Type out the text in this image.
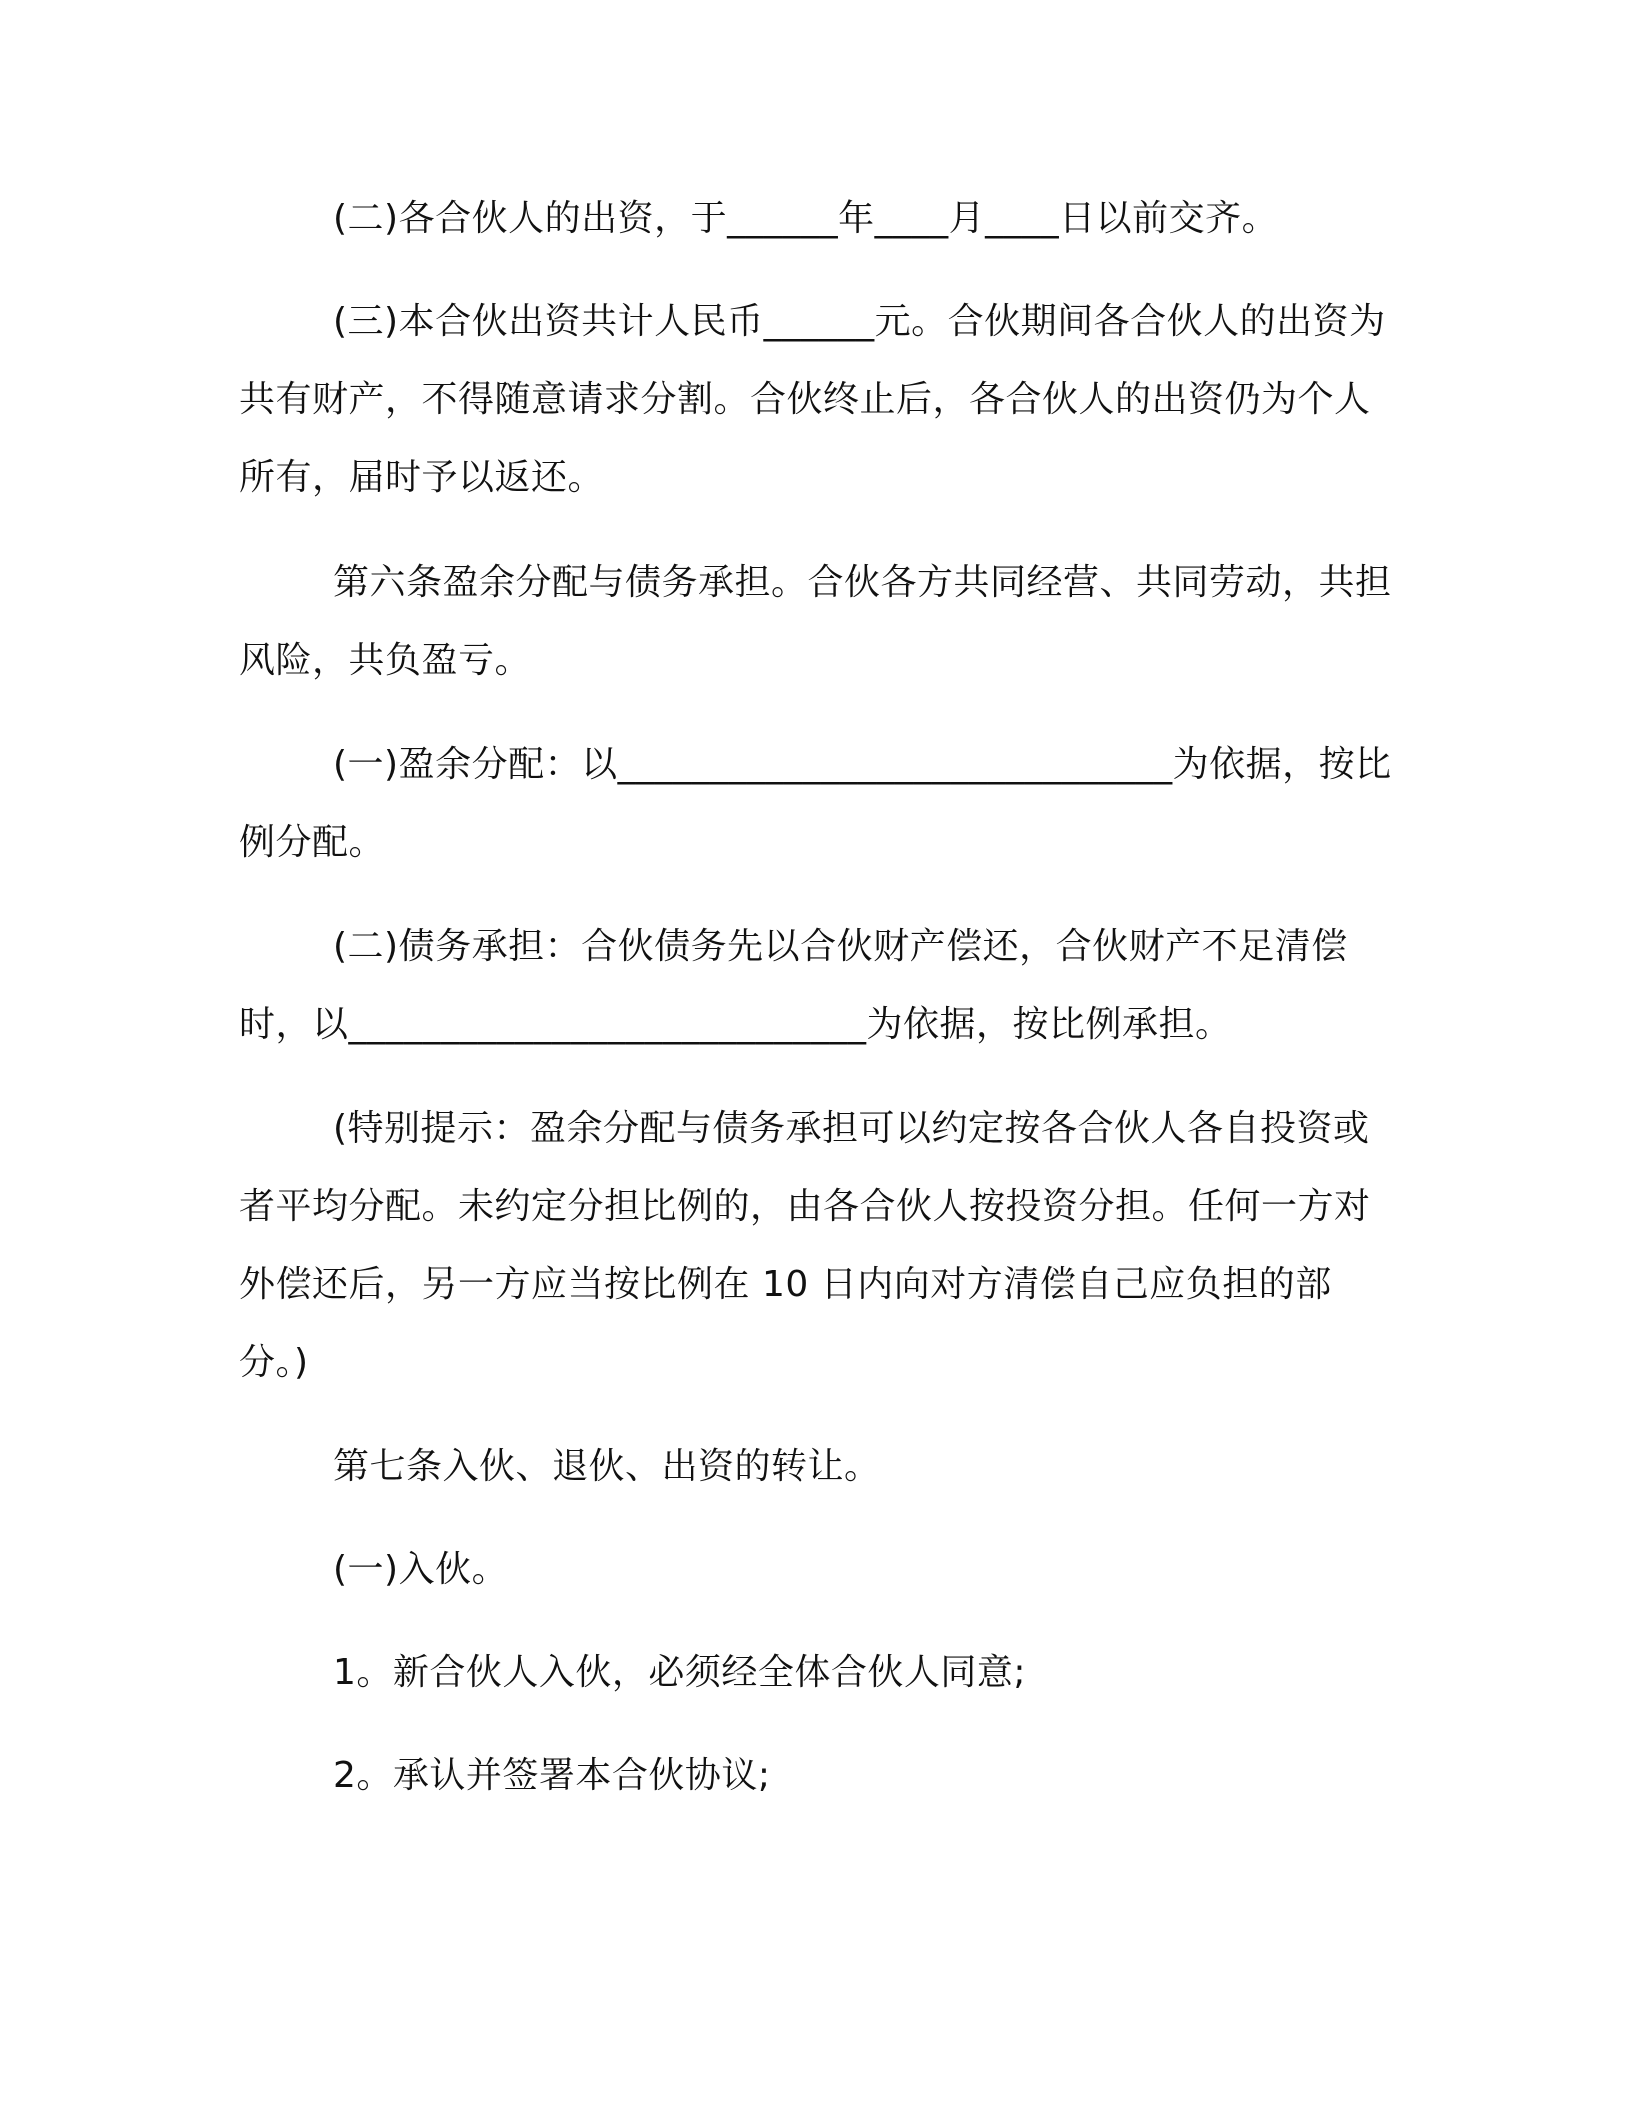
(二)各合伙人的出资，于______年____月____日以前交齐。

(三)本合伙出资共计人民币______元。合伙期间各合伙人的出资为共有财产，不得随意请求分割。合伙终止后，各合伙人的出资仍为个人所有，届时予以返还。

第六条盈余分配与债务承担。合伙各方共同经营、共同劳动，共担风险，共负盈亏。

(一)盈余分配：以______________________________为依据，按比例分配。

(二)债务承担：合伙债务先以合伙财产偿还，合伙财产不足清偿时，以____________________________为依据，按比例承担。

(特别提示：盈余分配与债务承担可以约定按各合伙人各自投资或者平均分配。未约定分担比例的，由各合伙人按投资分担。任何一方对外偿还后，另一方应当按比例在 10 日内向对方清偿自己应负担的部分。)

第七条入伙、退伙、出资的转让。

(一)入伙。

1。新合伙人入伙，必须经全体合伙人同意;

2。承认并签署本合伙协议;
